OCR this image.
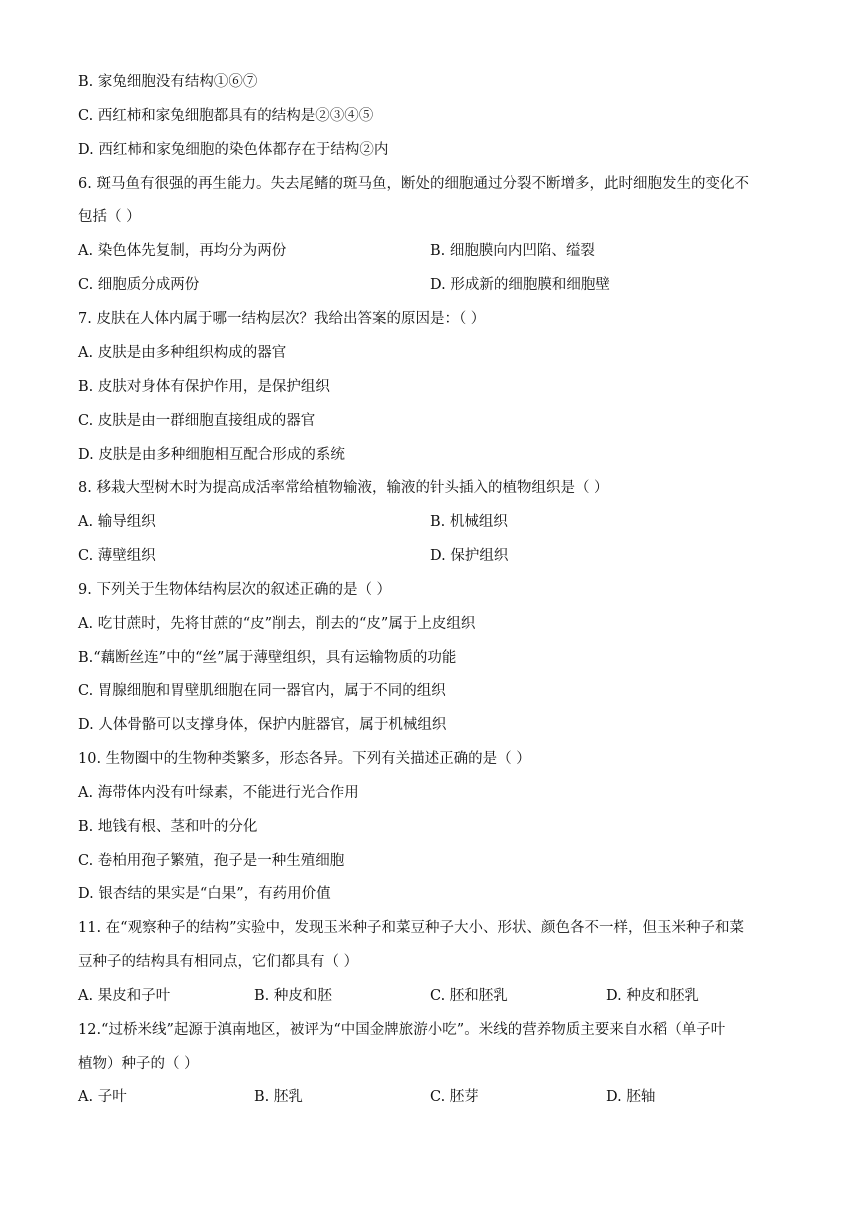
B. 家兔细胞没有结构①⑥⑦
C. 西红柿和家兔细胞都具有的结构是②③④⑤
D. 西红柿和家兔细胞的染色体都存在于结构②内
6. 斑马鱼有很强的再生能力。失去尾鳍的斑马鱼，断处的细胞通过分裂不断增多，此时细胞发生的变化不
包括（ ）
A. 染色体先复制，再均分为两份	B. 细胞膜向内凹陷、缢裂
C. 细胞质分成两份	D. 形成新的细胞膜和细胞壁
7. 皮肤在人体内属于哪一结构层次？我给出答案的原因是：（ ）
A. 皮肤是由多种组织构成的器官
B. 皮肤对身体有保护作用，是保护组织
C. 皮肤是由一群细胞直接组成的器官
D. 皮肤是由多种细胞相互配合形成的系统
8. 移栽大型树木时为提高成活率常给植物输液，输液的针头插入的植物组织是（ ）
A. 输导组织	B. 机械组织
C. 薄壁组织	D. 保护组织
9. 下列关于生物体结构层次的叙述正确的是（ ）
A. 吃甘蔗时，先将甘蔗的“皮”削去，削去的“皮”属于上皮组织
B.“藕断丝连”中的“丝”属于薄壁组织，具有运输物质的功能
C. 胃腺细胞和胃壁肌细胞在同一器官内，属于不同的组织
D. 人体骨骼可以支撑身体，保护内脏器官，属于机械组织
10. 生物圈中的生物种类繁多，形态各异。下列有关描述正确的是（ ）
A. 海带体内没有叶绿素，不能进行光合作用
B. 地钱有根、茎和叶的分化
C. 卷柏用孢子繁殖，孢子是一种生殖细胞
D. 银杏结的果实是“白果”，有药用价值
11. 在“观察种子的结构”实验中，发现玉米种子和菜豆种子大小、形状、颜色各不一样，但玉米种子和菜
豆种子的结构具有相同点，它们都具有（ ）
A. 果皮和子叶	B. 种皮和胚	C. 胚和胚乳	D. 种皮和胚乳
12.“过桥米线”起源于滇南地区，被评为“中国金牌旅游小吃”。米线的营养物质主要来自水稻（单子叶
植物）种子的（ ）
A. 子叶	B. 胚乳	C. 胚芽	D. 胚轴
